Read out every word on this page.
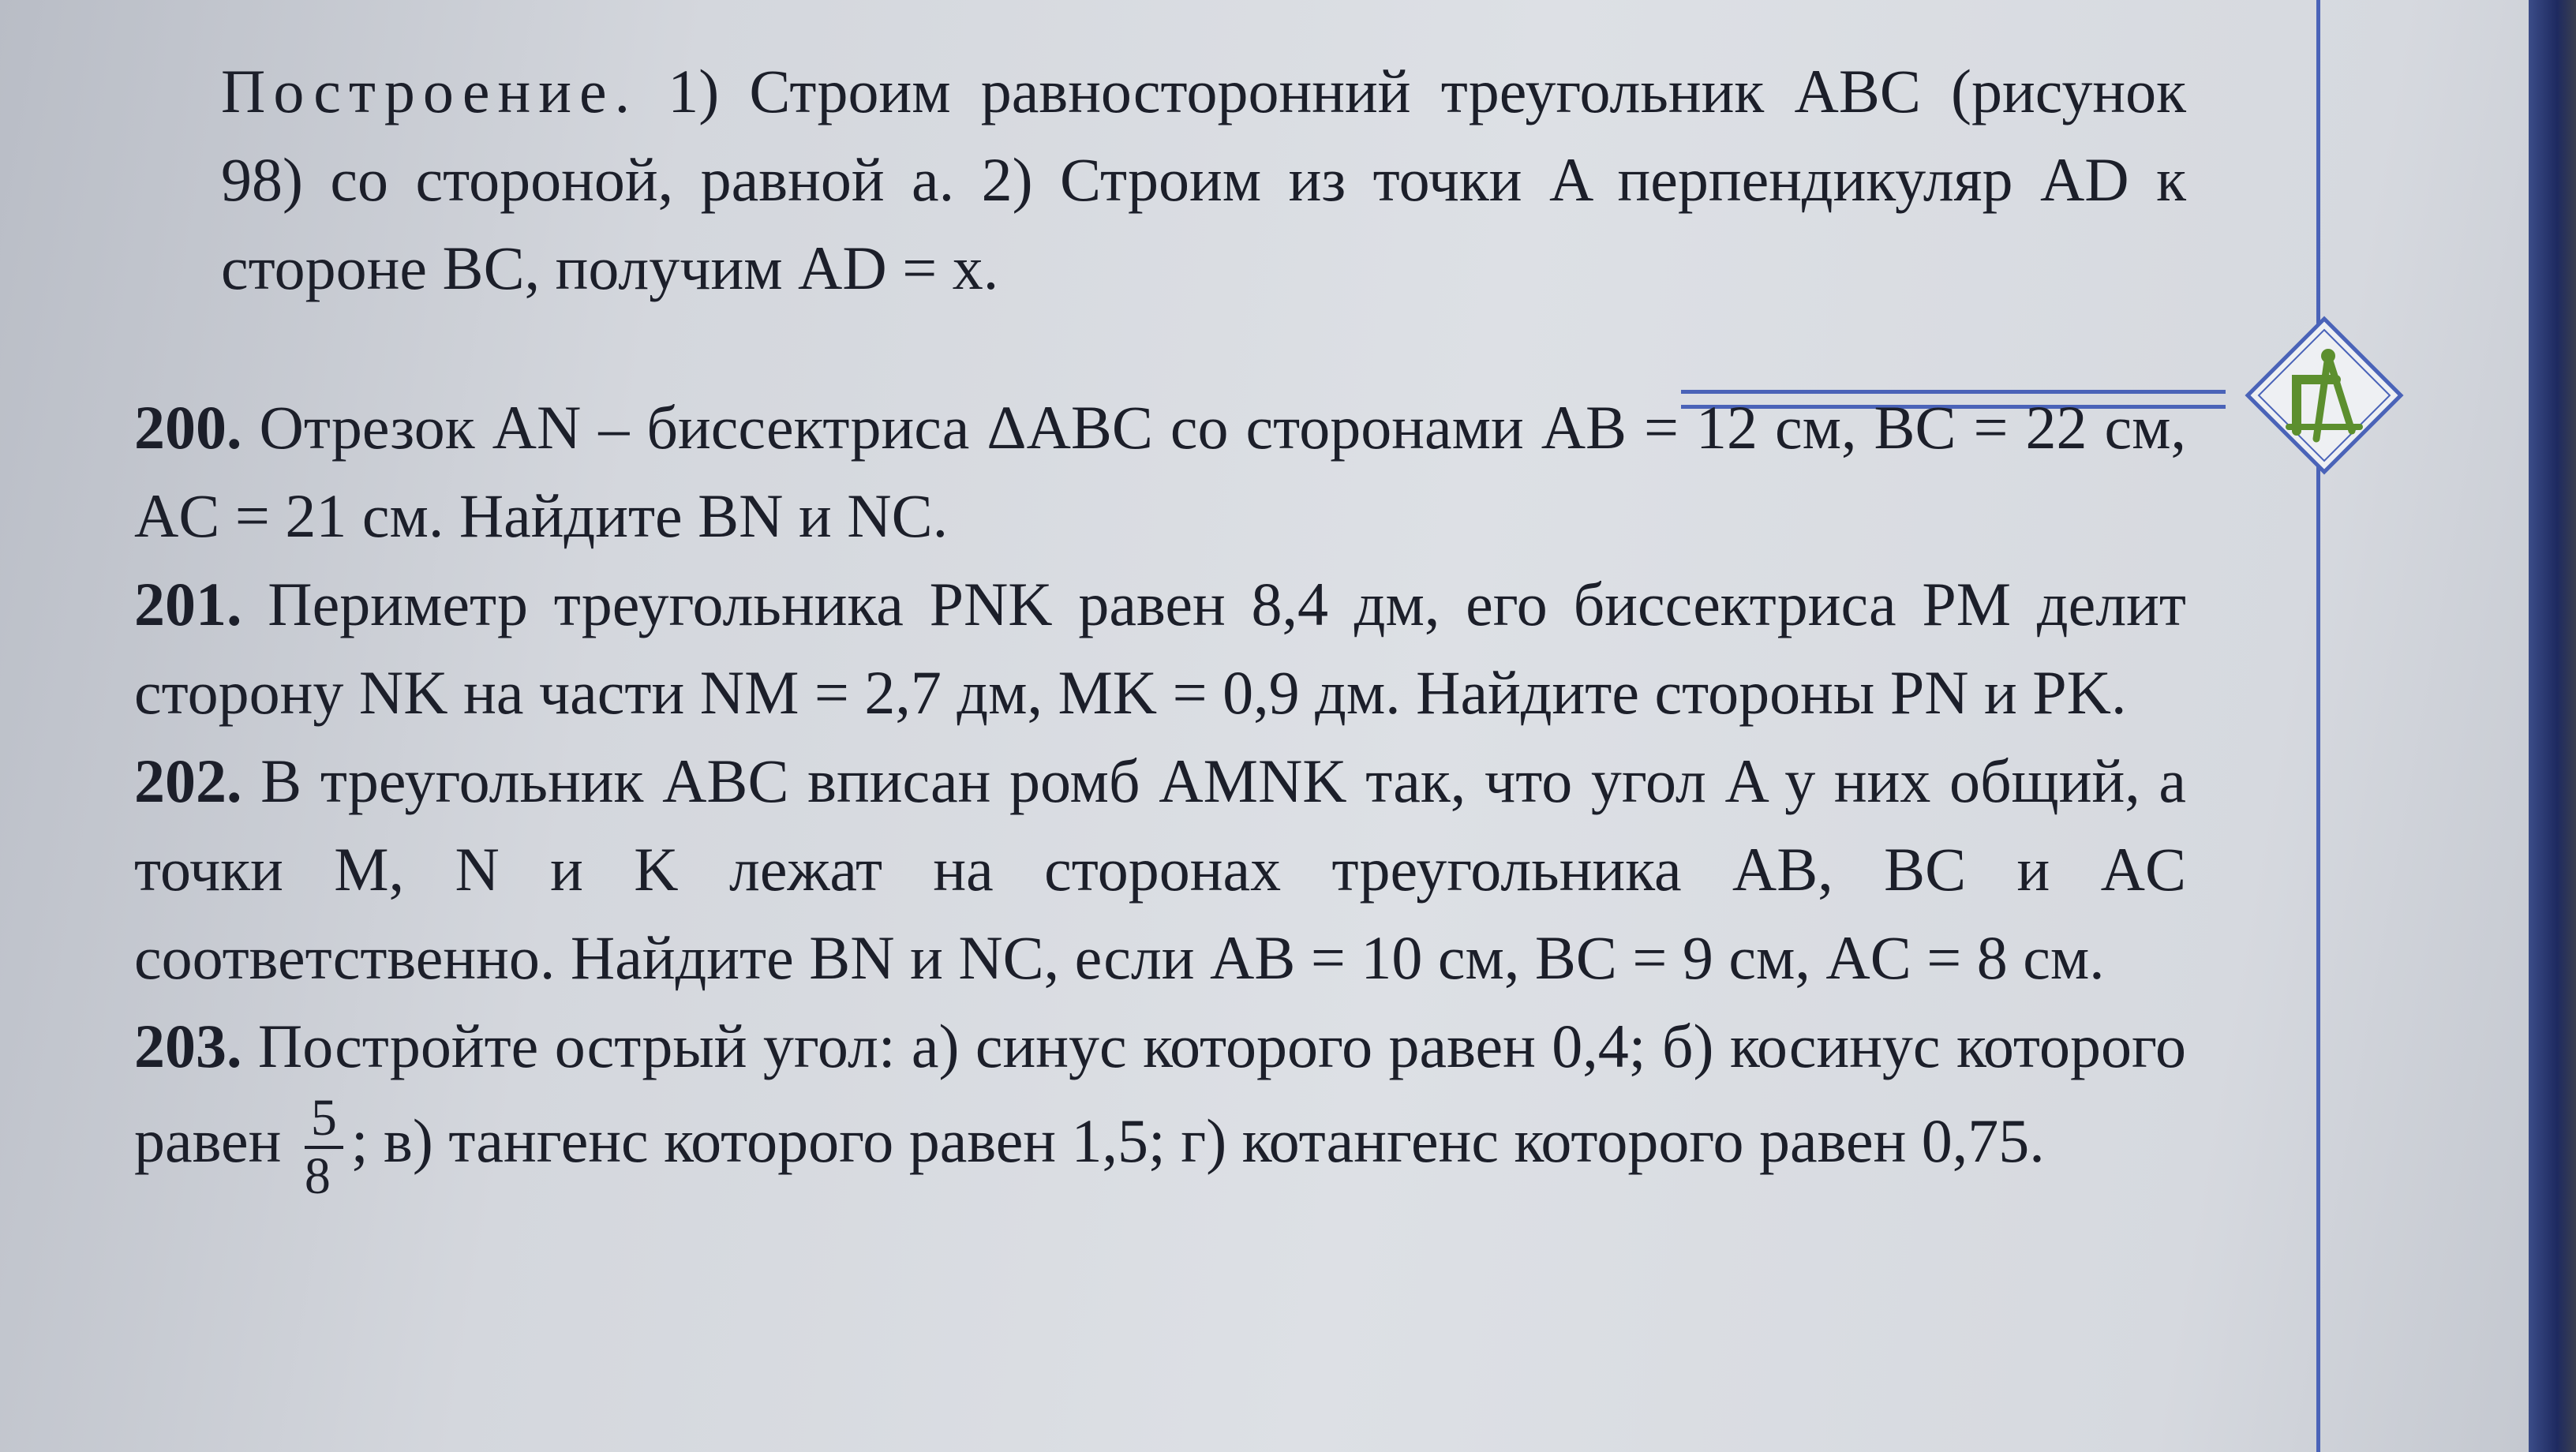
Построение. 1) Строим равносторонний треугольник ABC (рисунок 98) со стороной, равной a. 2) Строим из точки A перпендикуляр AD к стороне BC, получим AD = x.

200. Отрезок AN – биссектриса ΔABC со сторонами AB = 12 см, BC = 22 см, AC = 21 см. Найдите BN и NC.

201. Периметр треугольника PNK равен 8,4 дм, его биссектриса PM делит сторону NK на части NM = 2,7 дм, MK = 0,9 дм. Найдите стороны PN и PK.

202. В треугольник ABC вписан ромб AMNK так, что угол A у них общий, а точки M, N и K лежат на сторонах треугольника AB, BC и AC соответственно. Найдите BN и NC, если AB = 10 см, BC = 9 см, AC = 8 см.

203. Постройте острый угол: а) синус которого равен 0,4; б) косинус которого равен $\frac{5}{8}$ ; в) тангенс которого равен 1,5; г) котангенс которого равен 0,75.
